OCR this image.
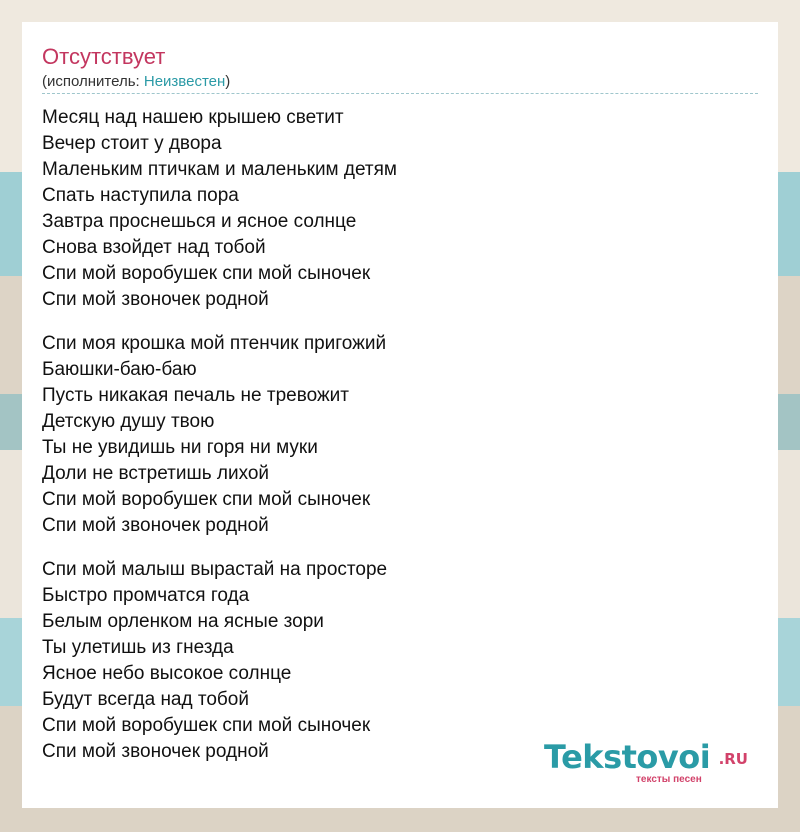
Отсутствует
(исполнитель: Неизвестен)
Месяц над нашею крышею светит
Вечер стоит у двора
Маленьким птичкам и маленьким детям
Спать наступила пора
Завтра проснешься и ясное солнце
Снова взойдет над тобой
Спи мой воробушек спи мой сыночек
Спи мой звоночек родной
Спи моя крошка мой птенчик пригожий
Баюшки-баю-баю
Пусть никакая печаль не тревожит
Детскую душу твою
Ты не увидишь ни горя ни муки
Доли не встретишь лихой
Спи мой воробушек спи мой сыночек
Спи мой звоночек родной
Спи мой малыш вырастай на просторе
Быстро промчатся года
Белым орленком на ясные зори
Ты улетишь из гнезда
Ясное небо высокое солнце
Будут всегда над тобой
Спи мой воробушек спи мой сыночек
Спи мой звоночек родной	Tekstovoi .RU
тексты песен
